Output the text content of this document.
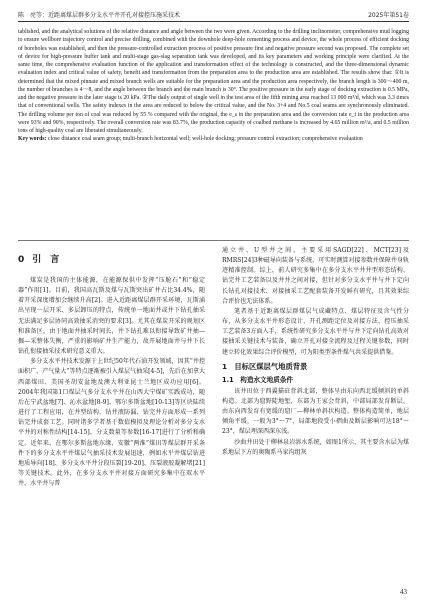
陈　亮等：近距离煤层群多分支水平井开孔对接控压施采技术	2025年第51卷

tablished, and the analytical solutions of the relative distance and angle between the two were given. According to the drilling inclinometer, comprehensive mud logging to ensure wellbore trajectory control and precise drilling, combined with the downhole deep-hole cementing process and device, the whole process of efficient docking of boreholes was established, and then the pressure-controlled extraction process of positive pressure first and negative pressure second was proposed. The complete set of device for high-pressure buffer tank and multi-stage gas-slag separation tank was developed, and its key parameters and working principle were clarified. At the same time, the comprehensive evaluation function of the application and transformation effect of the technology is constructed, and the three-dimensional dynamic evaluation index and critical value of safety, benefit and transformation from the preparation area to the production area are established. The results show that: ①It is determined that the mixed pinnate and mixed branch wells are suitable for the preparation area and the production area respectively, the branch length is 300～400 m, the number of branches is 4～8, and the angle between the branch and the main branch is 30°. The positive pressure in the early stage of docking extraction is 0.5 MPa, and the negative pressure in the later stage is 20 kPa. ②The daily output of single well in the test area of the fifth mining area reached 13 000 m³/d, which was 3.3 times that of conventional wells. The safety indexes in the area are reduced to below the critical value, and the No. 3+4 and No.5 coal seams are synchronously eliminated. The drilling volume per ton of coal was reduced by 55 % compared with the original, the e_s in the preparation area and the conversion rate e_t in the production area were 93% and 90%, respectively. The overall conversion rate was 83.7%, the production capacity of coalbed methane is increased by 4.65 million m³/a, and 0.5 million tons of high-quality coal are liberated simultaneously.

Key words: close distance coal seam group; multi-branch horizontal well; well-hole docking; pressure control extraction; comprehensive evaluation

0 引　言

煤炭是我国的主体能源，在能源保供中发挥“压舱石”和“稳定器”作用[1]。目前，我国高瓦斯及煤与瓦斯突出矿井占比34.4%，随着开采深度增加会继续升高[2]。进入近距离煤层群开采环境，瓦斯涌出呈现一层开采、多层卸压的特点，传统单一地面井或井下钻孔抽采无法满足多层协同高效抽采消突的要求[3]。尤其在煤炭开采的规划区和准备区，由于地面井抽采时间长，井下钻孔难以衔接导致矿井抽—掘—采整体失衡，严重的影响矿井生产能力，故开展地面井与井下长钻孔衔接抽采技术研究意义重大。

多分支水平井技术发源于上世纪50年代石油开发领域，因其“井控面积广、产气量大”等特点逐渐被引入煤层气抽采[4-5]，先后在加拿大西部煤田、美国圣胡安盆地及澳大利亚昆士兰地区成功应用[6]。2004年我国第1口煤层气多分支水平井在山西大宁煤矿实践成功，随后在宁武盆地[7]、沁水盆地[8-9]、鄂尔多斯盆地[10-13]等区块陆续进行了工程应用，在井型结构、钻井液防漏、钻完井方面形成一系列钻完井成套工艺。同时诸多学者基于数值模拟及理论分析对多分支水平井的对称性结构[14-15]、分支数量等参数[16-17]进行了分析和确定。近年来，在鄂尔多斯盆地东缘、安徽“两淮”煤田等煤层群开采条件下的多分支水平井煤层气抽采技术发展迅速，例如水平井煤层钻进地质导向[18]、多分支水平井分段压裂[19-20]、压裂液胶凝解堵[21]等关键技术。此外，在多分支水平井对接方面研究多集中在双水平井、水平井与普

通立井、U型井之间，主要采用SAGD[22]、MCT[23]及RMRS[24]3种磁导向装备与系统，可实时测算对接参数并保障井身轨迹精准控制。综上，前人研究多集中在多分支水平井井型形态结构、钻完井工艺装备以及井井之间对接，但针对多分支水平井与井下定向长钻孔对接技术、对接抽采工艺配套装备开发鲜有研究，且其效果综合评价也无法体系。

笔者基于近距离煤层群煤层气成藏特点、煤层特征及含气性分布，从多分支水平井形态设计、开孔测距定位及对接方法、控压抽采工艺装备3方面入手，系统性研究多分支水平井与井下定向钻孔高效对接抽采关键技术与装备，确立开孔对接全流程及过程关键参数，同时建立转化效果综合评价模型，可为阳类型条件煤气共采提供借鉴。

1　目标区煤层气地质背景
1.1　构造水文地质条件

该井田位于西翼猫砫背斜北部，整体呈由东向西北缓倾斜的单斜构造。北部为窟野陡地堑，东部为王家会背斜，中部局部发育断层，由东向西发育有宽缓的窟厂—柳林单斜状构造。整体构造简单，地层倾角平缓，一般为3°～7°，局部地段受小褶曲及断层影响可达18°～23°，煤层埋深西深东浅。

沙曲井田处于柳林泉岩溶水系统，如图1所示，其主要含水层为煤系地层下方的奥陶系马家沟组灰

43
